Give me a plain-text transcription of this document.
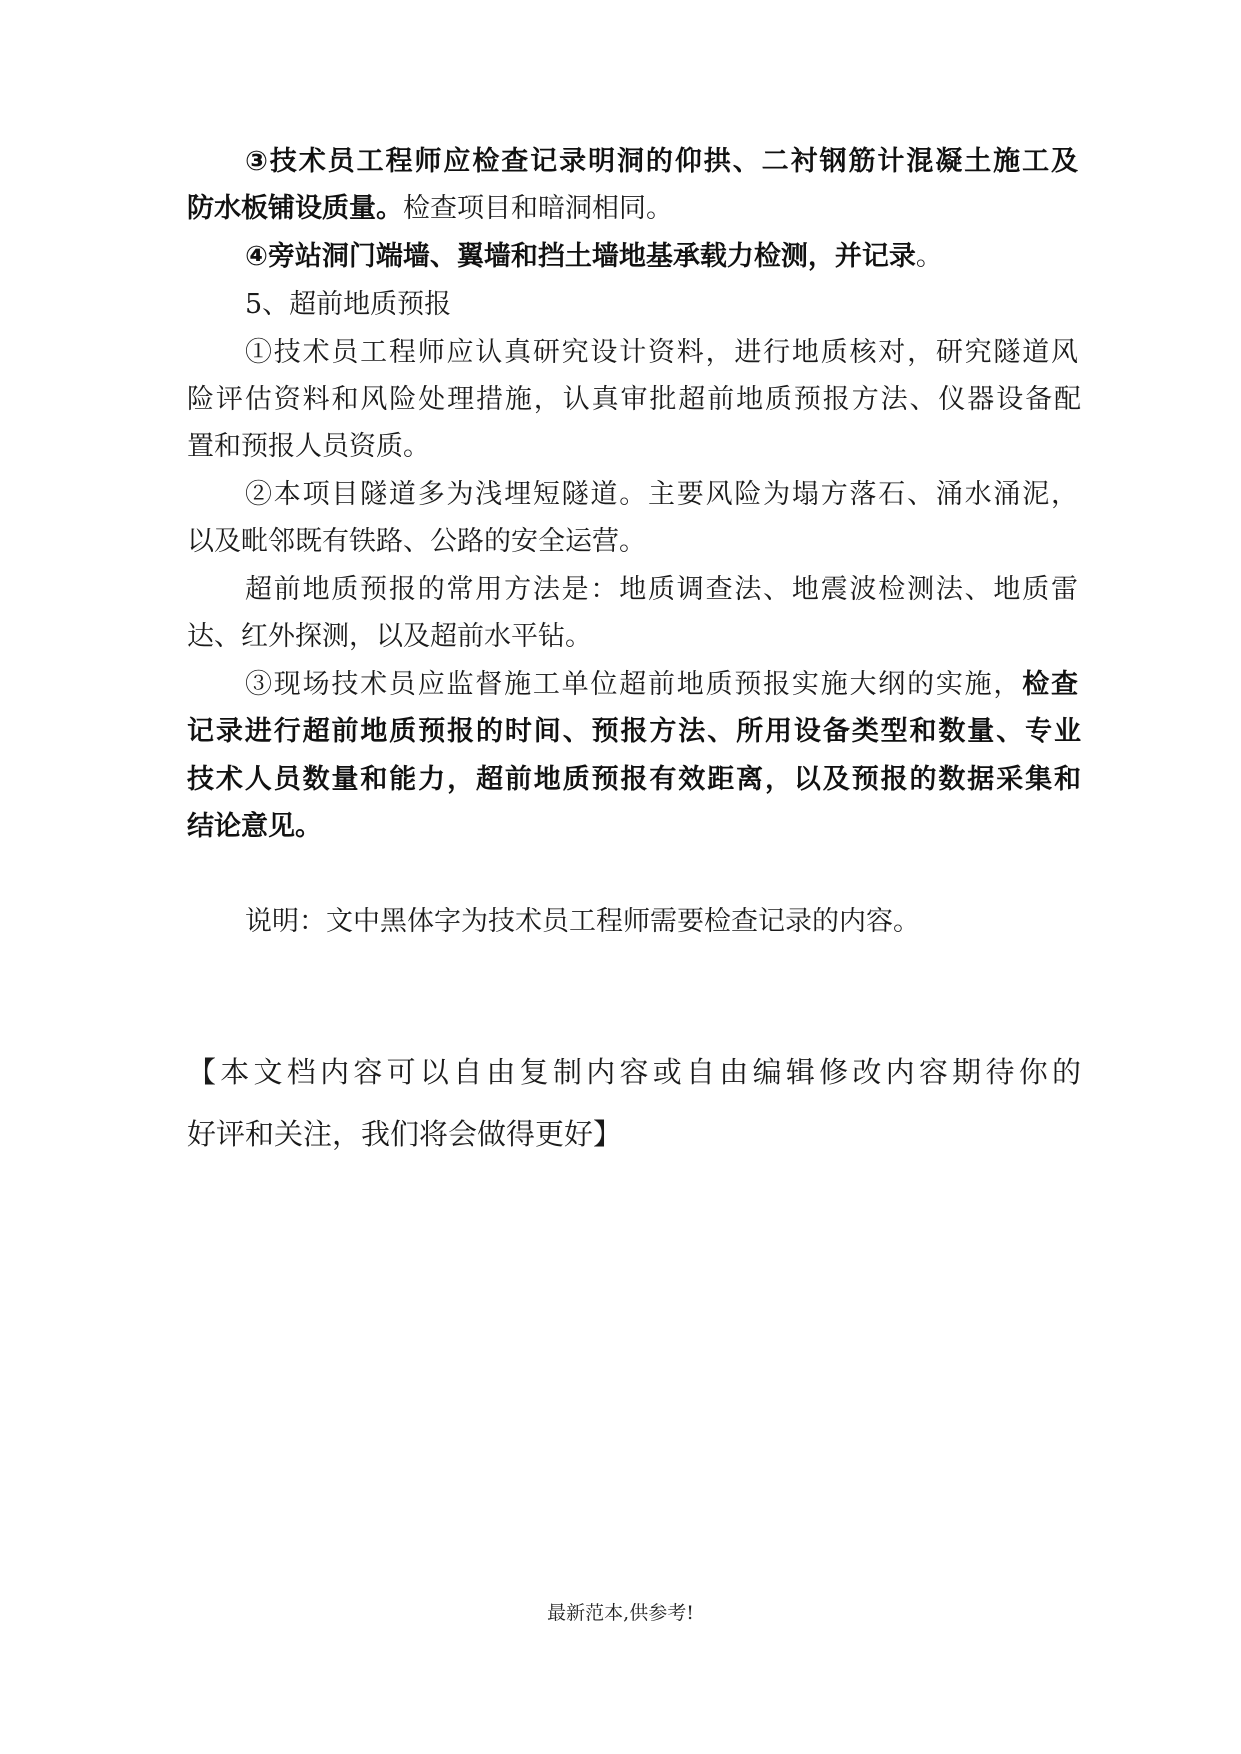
③技术员工程师应检查记录明洞的仰拱、二衬钢筋计混凝土施工及
防水板铺设质量。检查项目和暗洞相同。
④旁站洞门端墙、翼墙和挡土墙地基承载力检测，并记录。
5、超前地质预报
①技术员工程师应认真研究设计资料，进行地质核对，研究隧道风
险评估资料和风险处理措施，认真审批超前地质预报方法、仪器设备配
置和预报人员资质。
②本项目隧道多为浅埋短隧道。主要风险为塌方落石、涌水涌泥，
以及毗邻既有铁路、公路的安全运营。
超前地质预报的常用方法是：地质调查法、地震波检测法、地质雷
达、红外探测，以及超前水平钻。
③现场技术员应监督施工单位超前地质预报实施大纲的实施，检查
记录进行超前地质预报的时间、预报方法、所用设备类型和数量、专业
技术人员数量和能力，超前地质预报有效距离，以及预报的数据采集和
结论意见。
说明：文中黑体字为技术员工程师需要检查记录的内容。
【本文档内容可以自由复制内容或自由编辑修改内容期待你的
好评和关注，我们将会做得更好】
最新范本,供参考!
